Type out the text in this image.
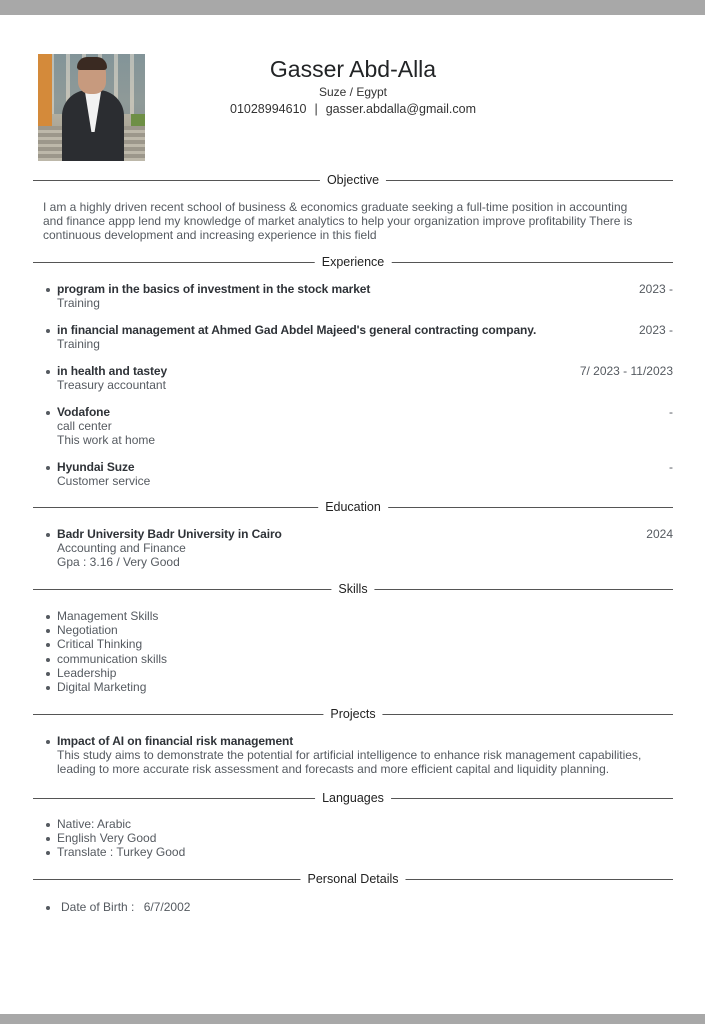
Gasser Abd-Alla
Suze / Egypt
01028994610 | gasser.abdalla@gmail.com
Objective
I am a highly driven recent school of business & economics graduate seeking a full-time position in accounting
and finance appp lend my knowledge of market analytics to help your organization improve profitability There is
continuous development and increasing experience in this field
Experience
program in the basics of investment in the stock market	2023 -
Training
in financial management at Ahmed Gad Abdel Majeed's general contracting company.	2023 -
Training
in health and tastey	7/ 2023 - 11/2023
Treasury accountant
Vodafone	-
call center
This work at home
Hyundai Suze	-
Customer service
Education
Badr University Badr University in Cairo	2024
Accounting and Finance
Gpa : 3.16 / Very Good
Skills
Management Skills
Negotiation
Critical Thinking
communication skills
Leadership
Digital Marketing
Projects
Impact of AI on financial risk management
This study aims to demonstrate the potential for artificial intelligence to enhance risk management capabilities,
leading to more accurate risk assessment and forecasts and more efficient capital and liquidity planning.
Languages
Native: Arabic
English Very Good
Translate : Turkey Good
Personal Details
Date of Birth : 6/7/2002
